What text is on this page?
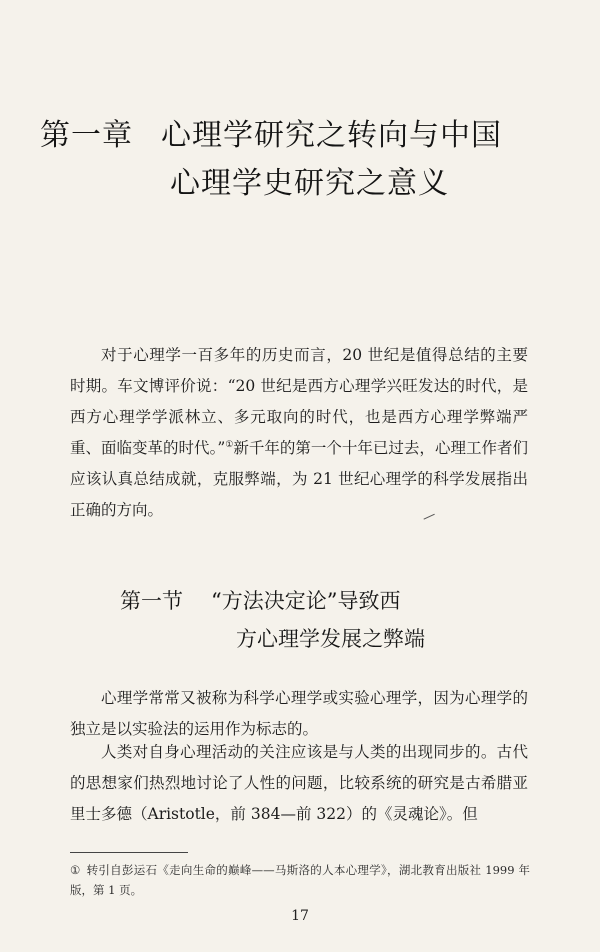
第一章 心理学研究之转向与中国
心理学史研究之意义
对于心理学一百多年的历史而言，20 世纪是值得总结的主要时期。车文博评价说：“20 世纪是西方心理学兴旺发达的时代，是西方心理学学派林立、多元取向的时代，也是西方心理学弊端严重、面临变革的时代。”①新千年的第一个十年已过去，心理工作者们应该认真总结成就，克服弊端，为 21 世纪心理学的科学发展指出正确的方向。
第一节 “方法决定论”导致西
方心理学发展之弊端
心理学常常又被称为科学心理学或实验心理学，因为心理学的独立是以实验法的运用作为标志的。
人类对自身心理活动的关注应该是与人类的出现同步的。古代的思想家们热烈地讨论了人性的问题，比较系统的研究是古希腊亚里士多德（Aristotle，前 384—前 322）的《灵魂论》。但
① 转引自彭运石《走向生命的巅峰——马斯洛的人本心理学》，湖北教育出版社 1999 年版，第 1 页。
17
